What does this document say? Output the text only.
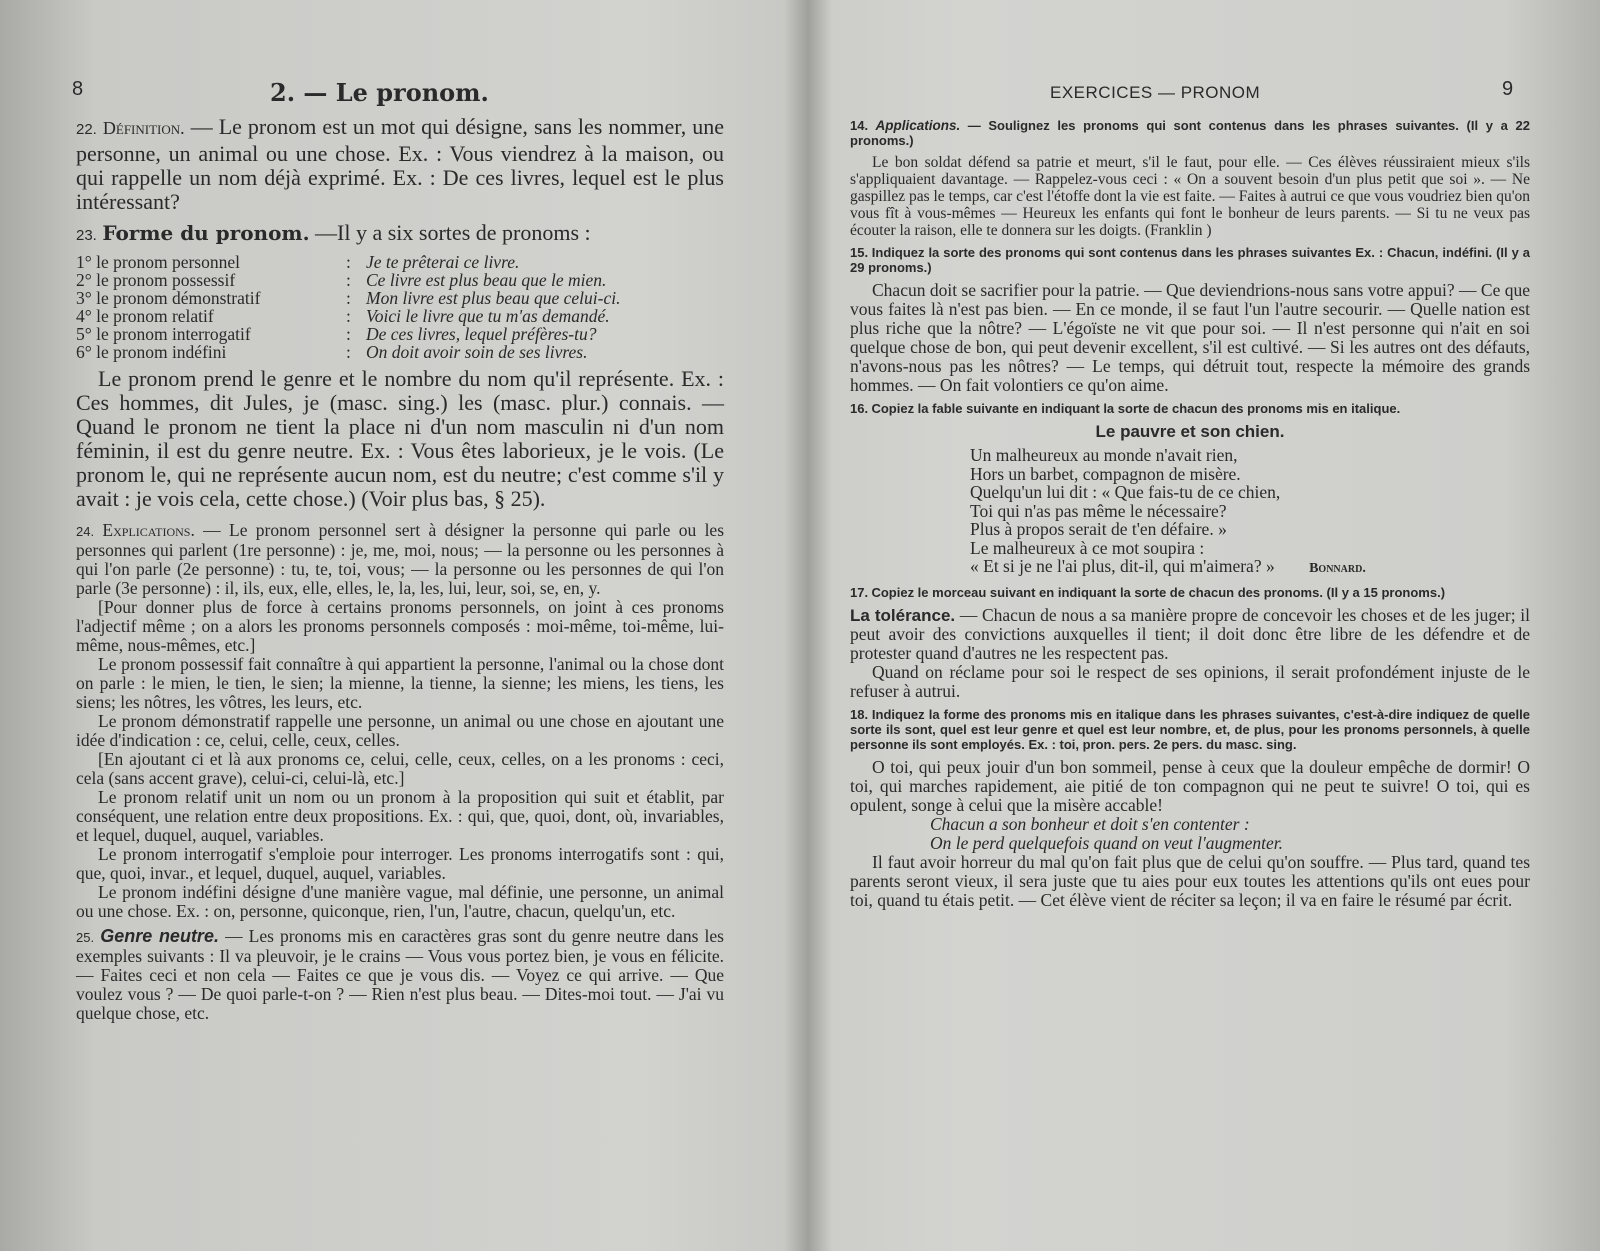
8	2. — Le pronom.

22. Définition. — Le pronom est un mot qui désigne, sans les nommer, une personne, un animal ou une chose. Ex. : Vous viendrez à la maison, ou qui rappelle un nom déjà exprimé. Ex. : De ces livres, lequel est le plus intéressant?

23. Forme du pronom. —Il y a six sortes de pronoms :

1° le pronom personnel	:	Je te prêterai ce livre.
2° le pronom possessif	:	Ce livre est plus beau que le mien.
3° le pronom démonstratif	:	Mon livre est plus beau que celui-ci.
4° le pronom relatif	:	Voici le livre que tu m'as demandé.
5° le pronom interrogatif	:	De ces livres, lequel préfères-tu?
6° le pronom indéfini	:	On doit avoir soin de ses livres.

Le pronom prend le genre et le nombre du nom qu'il représente. Ex. : Ces hommes, dit Jules, je (masc. sing.) les (masc. plur.) connais. — Quand le pronom ne tient la place ni d'un nom masculin ni d'un nom féminin, il est du genre neutre. Ex. : Vous êtes laborieux, je le vois. (Le pronom le, qui ne représente aucun nom, est du neutre; c'est comme s'il y avait : je vois cela, cette chose.) (Voir plus bas, § 25).

24. Explications. — Le pronom personnel sert à désigner la personne qui parle ou les personnes qui parlent (1re personne) : je, me, moi, nous; — la personne ou les personnes à qui l'on parle (2e personne) : tu, te, toi, vous; — la personne ou les personnes de qui l'on parle (3e personne) : il, ils, eux, elle, elles, le, la, les, lui, leur, soi, se, en, y.

[Pour donner plus de force à certains pronoms personnels, on joint à ces pronoms l'adjectif même ; on a alors les pronoms personnels composés : moi-même, toi-même, lui-même, nous-mêmes, etc.]

Le pronom possessif fait connaître à qui appartient la personne, l'animal ou la chose dont on parle : le mien, le tien, le sien; la mienne, la tienne, la sienne; les miens, les tiens, les siens; les nôtres, les vôtres, les leurs, etc.

Le pronom démonstratif rappelle une personne, un animal ou une chose en ajoutant une idée d'indication : ce, celui, celle, ceux, celles.

[En ajoutant ci et là aux pronoms ce, celui, celle, ceux, celles, on a les pronoms : ceci, cela (sans accent grave), celui-ci, celui-là, etc.]

Le pronom relatif unit un nom ou un pronom à la proposition qui suit et établit, par conséquent, une relation entre deux propositions. Ex. : qui, que, quoi, dont, où, invariables, et lequel, duquel, auquel, variables.

Le pronom interrogatif s'emploie pour interroger. Les pronoms interrogatifs sont : qui, que, quoi, invar., et lequel, duquel, auquel, variables.

Le pronom indéfini désigne d'une manière vague, mal définie, une personne, un animal ou une chose. Ex. : on, personne, quiconque, rien, l'un, l'autre, chacun, quelqu'un, etc.

25. Genre neutre. — Les pronoms mis en caractères gras sont du genre neutre dans les exemples suivants : Il va pleuvoir, je le crains — Vous vous portez bien, je vous en félicite. — Faites ceci et non cela — Faites ce que je vous dis. — Voyez ce qui arrive. — Que voulez vous ? — De quoi parle-t-on ? — Rien n'est plus beau. — Dites-moi tout. — J'ai vu quelque chose, etc.

EXERCICES — PRONOM	9

14. Applications. — Soulignez les pronoms qui sont contenus dans les phrases suivantes. (Il y a 22 pronoms.)

Le bon soldat défend sa patrie et meurt, s'il le faut, pour elle. — Ces élèves réussiraient mieux s'ils s'appliquaient davantage. — Rappelez-vous ceci : « On a souvent besoin d'un plus petit que soi ». — Ne gaspillez pas le temps, car c'est l'étoffe dont la vie est faite. — Faites à autrui ce que vous voudriez bien qu'on vous fît à vous-mêmes — Heureux les enfants qui font le bonheur de leurs parents. — Si tu ne veux pas écouter la raison, elle te donnera sur les doigts. (Franklin )

15. Indiquez la sorte des pronoms qui sont contenus dans les phrases suivantes Ex. : Chacun, indéfini. (Il y a 29 pronoms.)

Chacun doit se sacrifier pour la patrie. — Que deviendrions-nous sans votre appui? — Ce que vous faites là n'est pas bien. — En ce monde, il se faut l'un l'autre secourir. — Quelle nation est plus riche que la nôtre? — L'égoïste ne vit que pour soi. — Il n'est personne qui n'ait en soi quelque chose de bon, qui peut devenir excellent, s'il est cultivé. — Si les autres ont des défauts, n'avons-nous pas les nôtres? — Le temps, qui détruit tout, respecte la mémoire des grands hommes. — On fait volontiers ce qu'on aime.

16. Copiez la fable suivante en indiquant la sorte de chacun des pronoms mis en italique.

Le pauvre et son chien.
Un malheureux au monde n'avait rien,
Hors un barbet, compagnon de misère.
Quelqu'un lui dit : « Que fais-tu de ce chien,
Toi qui n'as pas même le nécessaire?
Plus à propos serait de t'en défaire. »
Le malheureux à ce mot soupira :
« Et si je ne l'ai plus, dit-il, qui m'aimera? » Bonnard.

17. Copiez le morceau suivant en indiquant la sorte de chacun des pronoms. (Il y a 15 pronoms.)

La tolérance. — Chacun de nous a sa manière propre de concevoir les choses et de les juger; il peut avoir des convictions auxquelles il tient; il doit donc être libre de les défendre et de protester quand d'autres ne les respectent pas.

Quand on réclame pour soi le respect de ses opinions, il serait profondément injuste de le refuser à autrui.

18. Indiquez la forme des pronoms mis en italique dans les phrases suivantes, c'est-à-dire indiquez de quelle sorte ils sont, quel est leur genre et quel est leur nombre, et, de plus, pour les pronoms personnels, à quelle personne ils sont employés. Ex. : toi, pron. pers. 2e pers. du masc. sing.

O toi, qui peux jouir d'un bon sommeil, pense à ceux que la douleur empêche de dormir! O toi, qui marches rapidement, aie pitié de ton compagnon qui ne peut te suivre! O toi, qui es opulent, songe à celui que la misère accable!

Chacun a son bonheur et doit s'en contenter :
On le perd quelquefois quand on veut l'augmenter.

Il faut avoir horreur du mal qu'on fait plus que de celui qu'on souffre. — Plus tard, quand tes parents seront vieux, il sera juste que tu aies pour eux toutes les attentions qu'ils ont eues pour toi, quand tu étais petit. — Cet élève vient de réciter sa leçon; il va en faire le résumé par écrit.
